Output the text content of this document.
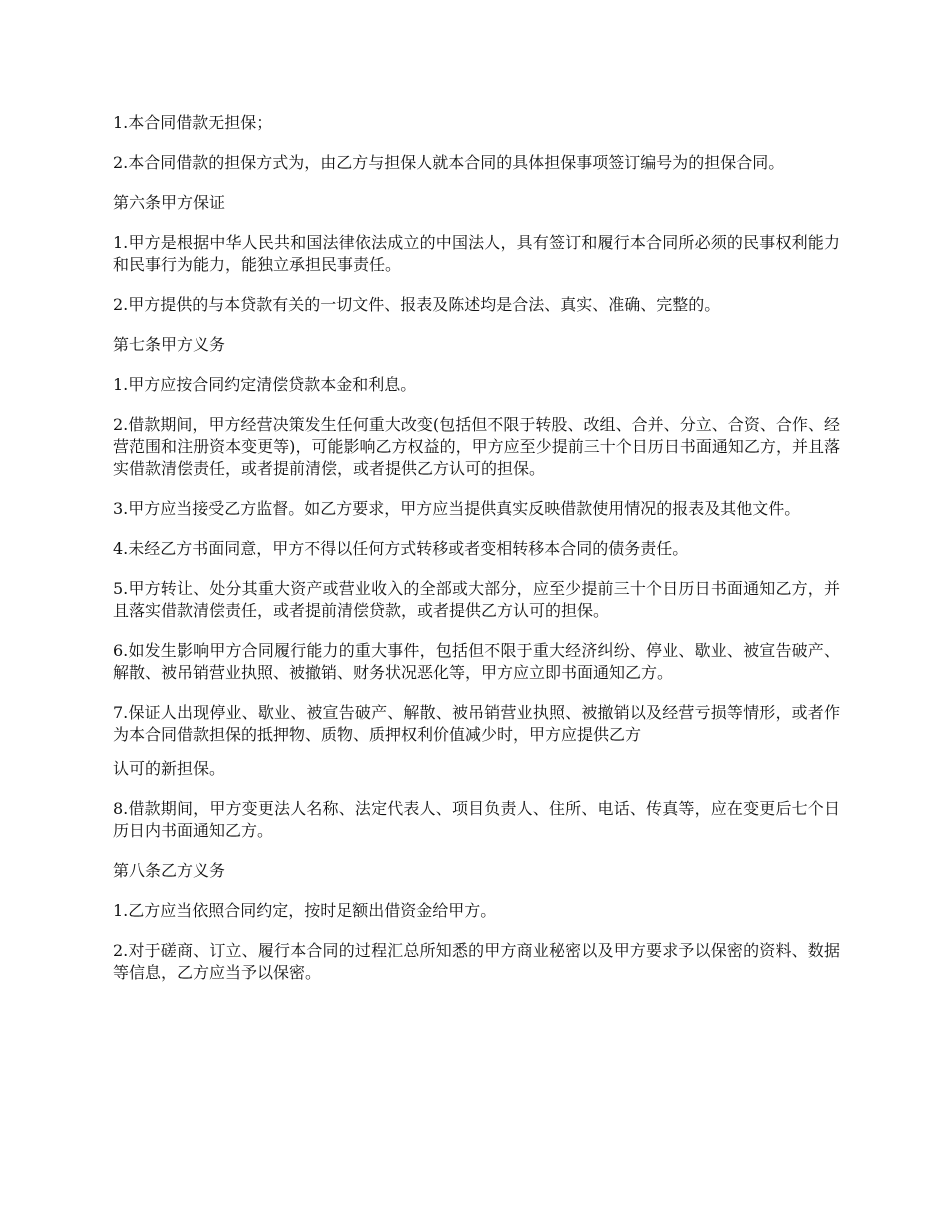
1.本合同借款无担保；

2.本合同借款的担保方式为，由乙方与担保人就本合同的具体担保事项签订编号为的担保合同。

第六条甲方保证

1.甲方是根据中华人民共和国法律依法成立的中国法人，具有签订和履行本合同所必须的民事权利能力和民事行为能力，能独立承担民事责任。

2.甲方提供的与本贷款有关的一切文件、报表及陈述均是合法、真实、准确、完整的。

第七条甲方义务

1.甲方应按合同约定清偿贷款本金和利息。

2.借款期间，甲方经营决策发生任何重大改变(包括但不限于转股、改组、合并、分立、合资、合作、经营范围和注册资本变更等)，可能影响乙方权益的，甲方应至少提前三十个日历日书面通知乙方，并且落实借款清偿责任，或者提前清偿，或者提供乙方认可的担保。

3.甲方应当接受乙方监督。如乙方要求，甲方应当提供真实反映借款使用情况的报表及其他文件。

4.未经乙方书面同意，甲方不得以任何方式转移或者变相转移本合同的债务责任。

5.甲方转让、处分其重大资产或营业收入的全部或大部分，应至少提前三十个日历日书面通知乙方，并且落实借款清偿责任，或者提前清偿贷款，或者提供乙方认可的担保。

6.如发生影响甲方合同履行能力的重大事件，包括但不限于重大经济纠纷、停业、歇业、被宣告破产、解散、被吊销营业执照、被撤销、财务状况恶化等，甲方应立即书面通知乙方。

7.保证人出现停业、歇业、被宣告破产、解散、被吊销营业执照、被撤销以及经营亏损等情形，或者作为本合同借款担保的抵押物、质物、质押权利价值减少时，甲方应提供乙方

认可的新担保。

8.借款期间，甲方变更法人名称、法定代表人、项目负责人、住所、电话、传真等，应在变更后七个日历日内书面通知乙方。

第八条乙方义务

1.乙方应当依照合同约定，按时足额出借资金给甲方。

2.对于磋商、订立、履行本合同的过程汇总所知悉的甲方商业秘密以及甲方要求予以保密的资料、数据等信息，乙方应当予以保密。
